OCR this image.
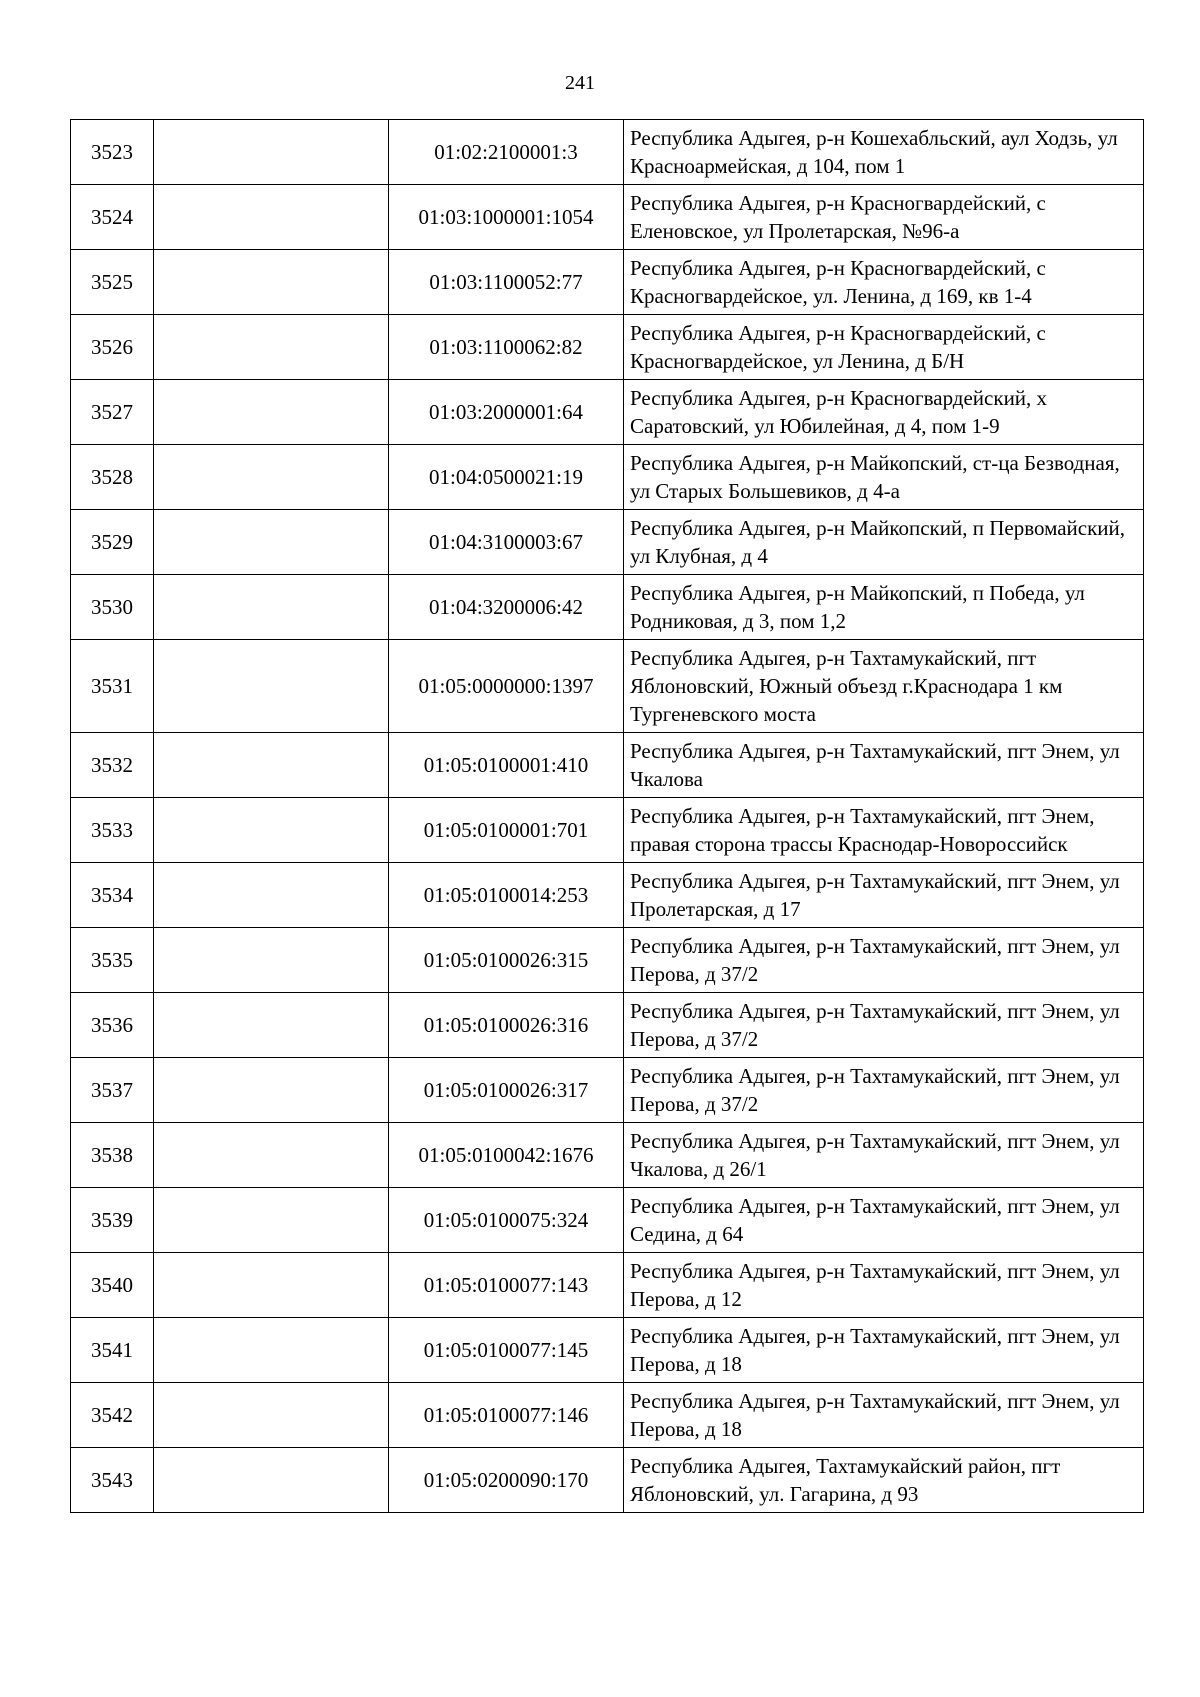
241
3523		01:02:2100001:3	Республика Адыгея, р-н Кошехабльский, аул Ходзь, ул Красноармейская, д 104, пом 1
3524		01:03:1000001:1054	Республика Адыгея, р-н Красногвардейский, с Еленовское, ул Пролетарская, №96-а
3525		01:03:1100052:77	Республика Адыгея, р-н Красногвардейский, с Красногвардейское, ул. Ленина, д 169, кв 1-4
3526		01:03:1100062:82	Республика Адыгея, р-н Красногвардейский, с Красногвардейское, ул Ленина, д Б/Н
3527		01:03:2000001:64	Республика Адыгея, р-н Красногвардейский, х Саратовский, ул Юбилейная, д 4, пом 1-9
3528		01:04:0500021:19	Республика Адыгея, р-н Майкопский, ст-ца Безводная, ул Старых Большевиков, д 4-а
3529		01:04:3100003:67	Республика Адыгея, р-н Майкопский, п Первомайский, ул Клубная, д 4
3530		01:04:3200006:42	Республика Адыгея, р-н Майкопский, п Победа, ул Родниковая, д 3, пом 1,2
3531		01:05:0000000:1397	Республика Адыгея, р-н Тахтамукайский, пгт Яблоновский, Южный объезд г.Краснодара 1 км Тургеневского моста
3532		01:05:0100001:410	Республика Адыгея, р-н Тахтамукайский, пгт Энем, ул Чкалова
3533		01:05:0100001:701	Республика Адыгея, р-н Тахтамукайский, пгт Энем, правая сторона трассы Краснодар-Новороссийск
3534		01:05:0100014:253	Республика Адыгея, р-н Тахтамукайский, пгт Энем, ул Пролетарская, д 17
3535		01:05:0100026:315	Республика Адыгея, р-н Тахтамукайский, пгт Энем, ул Перова, д 37/2
3536		01:05:0100026:316	Республика Адыгея, р-н Тахтамукайский, пгт Энем, ул Перова, д 37/2
3537		01:05:0100026:317	Республика Адыгея, р-н Тахтамукайский, пгт Энем, ул Перова, д 37/2
3538		01:05:0100042:1676	Республика Адыгея, р-н Тахтамукайский, пгт Энем, ул Чкалова, д 26/1
3539		01:05:0100075:324	Республика Адыгея, р-н Тахтамукайский, пгт Энем, ул Седина, д 64
3540		01:05:0100077:143	Республика Адыгея, р-н Тахтамукайский, пгт Энем, ул Перова, д 12
3541		01:05:0100077:145	Республика Адыгея, р-н Тахтамукайский, пгт Энем, ул Перова, д 18
3542		01:05:0100077:146	Республика Адыгея, р-н Тахтамукайский, пгт Энем, ул Перова, д 18
3543		01:05:0200090:170	Республика Адыгея, Тахтамукайский район, пгт Яблоновский, ул. Гагарина, д 93
